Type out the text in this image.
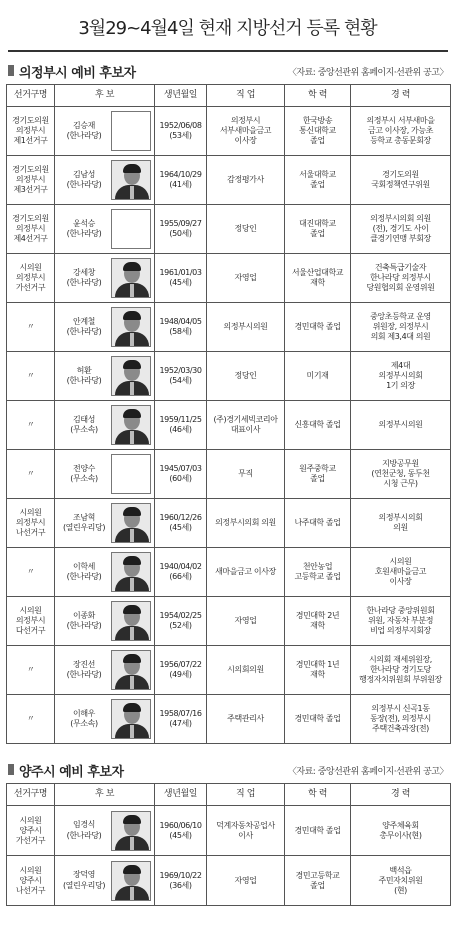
3월29~4월4일 현재 지방선거 등록 현황
의정부시 예비 후보자	〈자료: 중앙선관위 홈페이지·선관위 공고〉
선거구명	후 보	생년월일	직 업	학 력	경 력

경기도의원
의정부시
제1선거구	김승재
(한나라당)	1952/06/08
(53세)	의정부시
서부새마을금고
이사장	한국방송
통신대학교
졸업	의정부시 서부새마을
금고 이사장, 가능초
등학교 총동문회장

경기도의원
의정부시
제3선거구	김남성
(한나라당)	1964/10/29
(41세)	감정평가사	서울대학교
졸업	경기도의원
국회정책연구위원

경기도의원
의정부시
제4선거구	윤석승
(한나라당)	1955/09/27
(50세)	정당인	대진대학교
졸업	의정부시의회 의원
(전), 경기도 사이
클경기연맹 부회장

시의원
의정부시
가선거구	강세창
(한나라당)	1961/01/03
(45세)	자영업	서울산업대학교
재학	건축특급기술자
한나라당 의정부시
당원협의회 운영위원

〃	안계철
(한나라당)	1948/04/05
(58세)	의정부시의원	경민대학 졸업	중앙초등학교 운영
위원장, 의정부시
의회 제3,4대 의원

〃	허환
(한나라당)	1952/03/30
(54세)	정당인	미기재	제4대
의정부시의회
1기 의장

〃	김태성
(무소속)	1959/11/25
(46세)	(주)경기세빅코리아
대표이사	신흥대학 졸업	의정부시의원

〃	전양수
(무소속)	1945/07/03
(60세)	무직	원주중학교
졸업	지방공무원
(연천군청, 동두천
시청 근무)

시의원
의정부시
나선거구	조남혁
(열린우리당)	1960/12/26
(45세)	의정부시의회 의원	나주대학 졸업	의정부시의회
의원

〃	이학세
(한나라당)	1940/04/02
(66세)	새마을금고 이사장	천안농업
고등학교 졸업	시의원
호원새마을금고
이사장

시의원
의정부시
다선거구	이종화
(한나라당)	1954/02/25
(52세)	자영업	경민대학 2년
재학	한나라당 중앙위원회
위원, 자동차 부분정
비업 의정부지회장

〃	장진선
(한나라당)	1956/07/22
(49세)	시의회의원	경민대학 1년
재학	시의회 재세위원장,
한나라당 경기도당
행정자치위원회 부위원장

〃	이해우
(무소속)	1958/07/16
(47세)	주택관리사	경민대학 졸업	의정부시 신곡1동
동장(전), 의정부시
주택건축과장(전)
양주시 예비 후보자	〈자료: 중앙선관위 홈페이지·선관위 공고〉
선거구명	후 보	생년월일	직 업	학 력	경 력

시의원
양주시
가선거구	임경식
(한나라당)	1960/06/10
(45세)	덕계자동차공업사
이사	경민대학 졸업	양주체육회
총무이사(현)

시의원
양주시
나선거구	장덕영
(열린우리당)	1969/10/22
(36세)	자영업	경민고등학교
졸업	백석읍
주민자치위원
(현)
